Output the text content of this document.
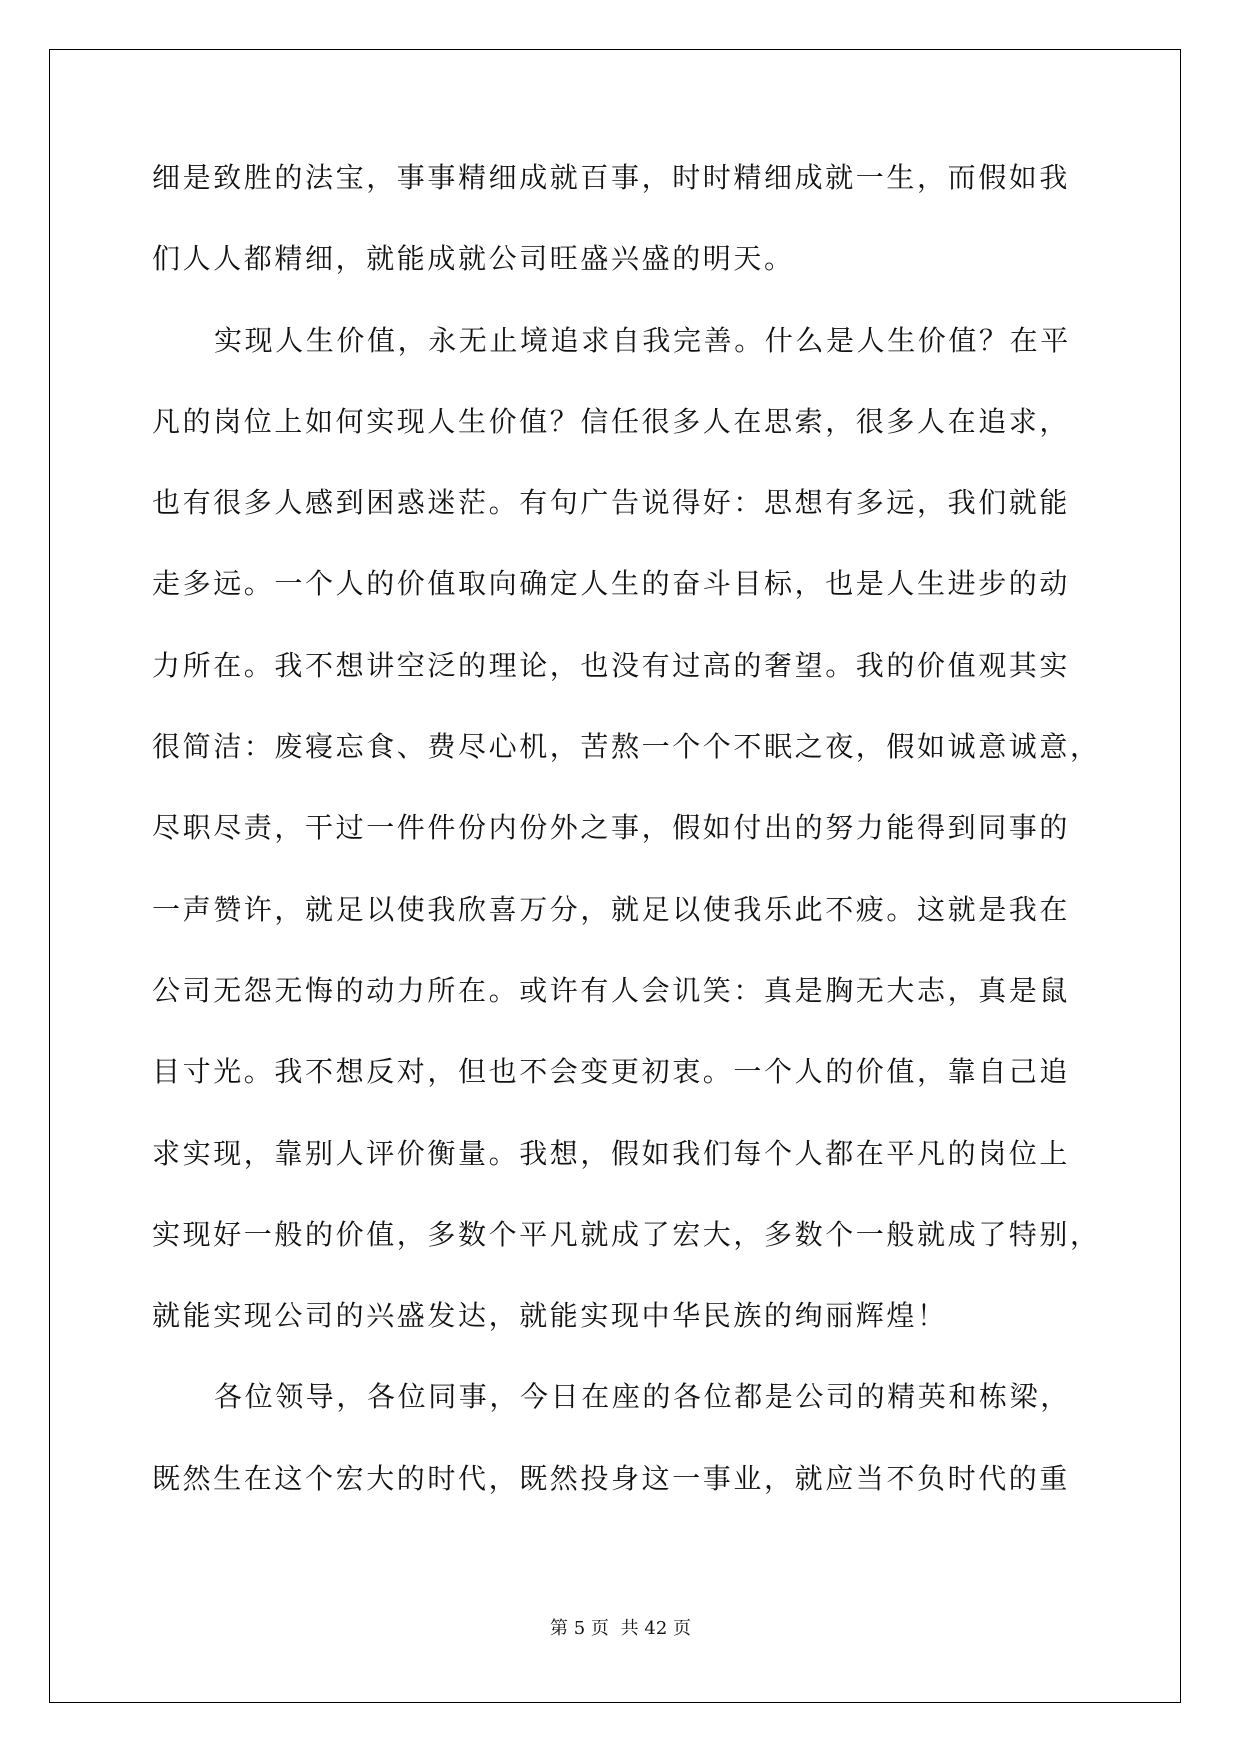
细是致胜的法宝，事事精细成就百事，时时精细成就一生，而假如我
们人人都精细，就能成就公司旺盛兴盛的明天。
实现人生价值，永无止境追求自我完善。什么是人生价值？在平
凡的岗位上如何实现人生价值？信任很多人在思索，很多人在追求，
也有很多人感到困惑迷茫。有句广告说得好：思想有多远，我们就能
走多远。一个人的价值取向确定人生的奋斗目标，也是人生进步的动
力所在。我不想讲空泛的理论，也没有过高的奢望。我的价值观其实
很简洁：废寝忘食、费尽心机，苦熬一个个不眠之夜，假如诚意诚意，
尽职尽责，干过一件件份内份外之事，假如付出的努力能得到同事的
一声赞许，就足以使我欣喜万分，就足以使我乐此不疲。这就是我在
公司无怨无悔的动力所在。或许有人会讥笑：真是胸无大志，真是鼠
目寸光。我不想反对，但也不会变更初衷。一个人的价值，靠自己追
求实现，靠别人评价衡量。我想，假如我们每个人都在平凡的岗位上
实现好一般的价值，多数个平凡就成了宏大，多数个一般就成了特别，
就能实现公司的兴盛发达，就能实现中华民族的绚丽辉煌！
各位领导，各位同事，今日在座的各位都是公司的精英和栋梁，
既然生在这个宏大的时代，既然投身这一事业，就应当不负时代的重
第 5 页 共 42 页
